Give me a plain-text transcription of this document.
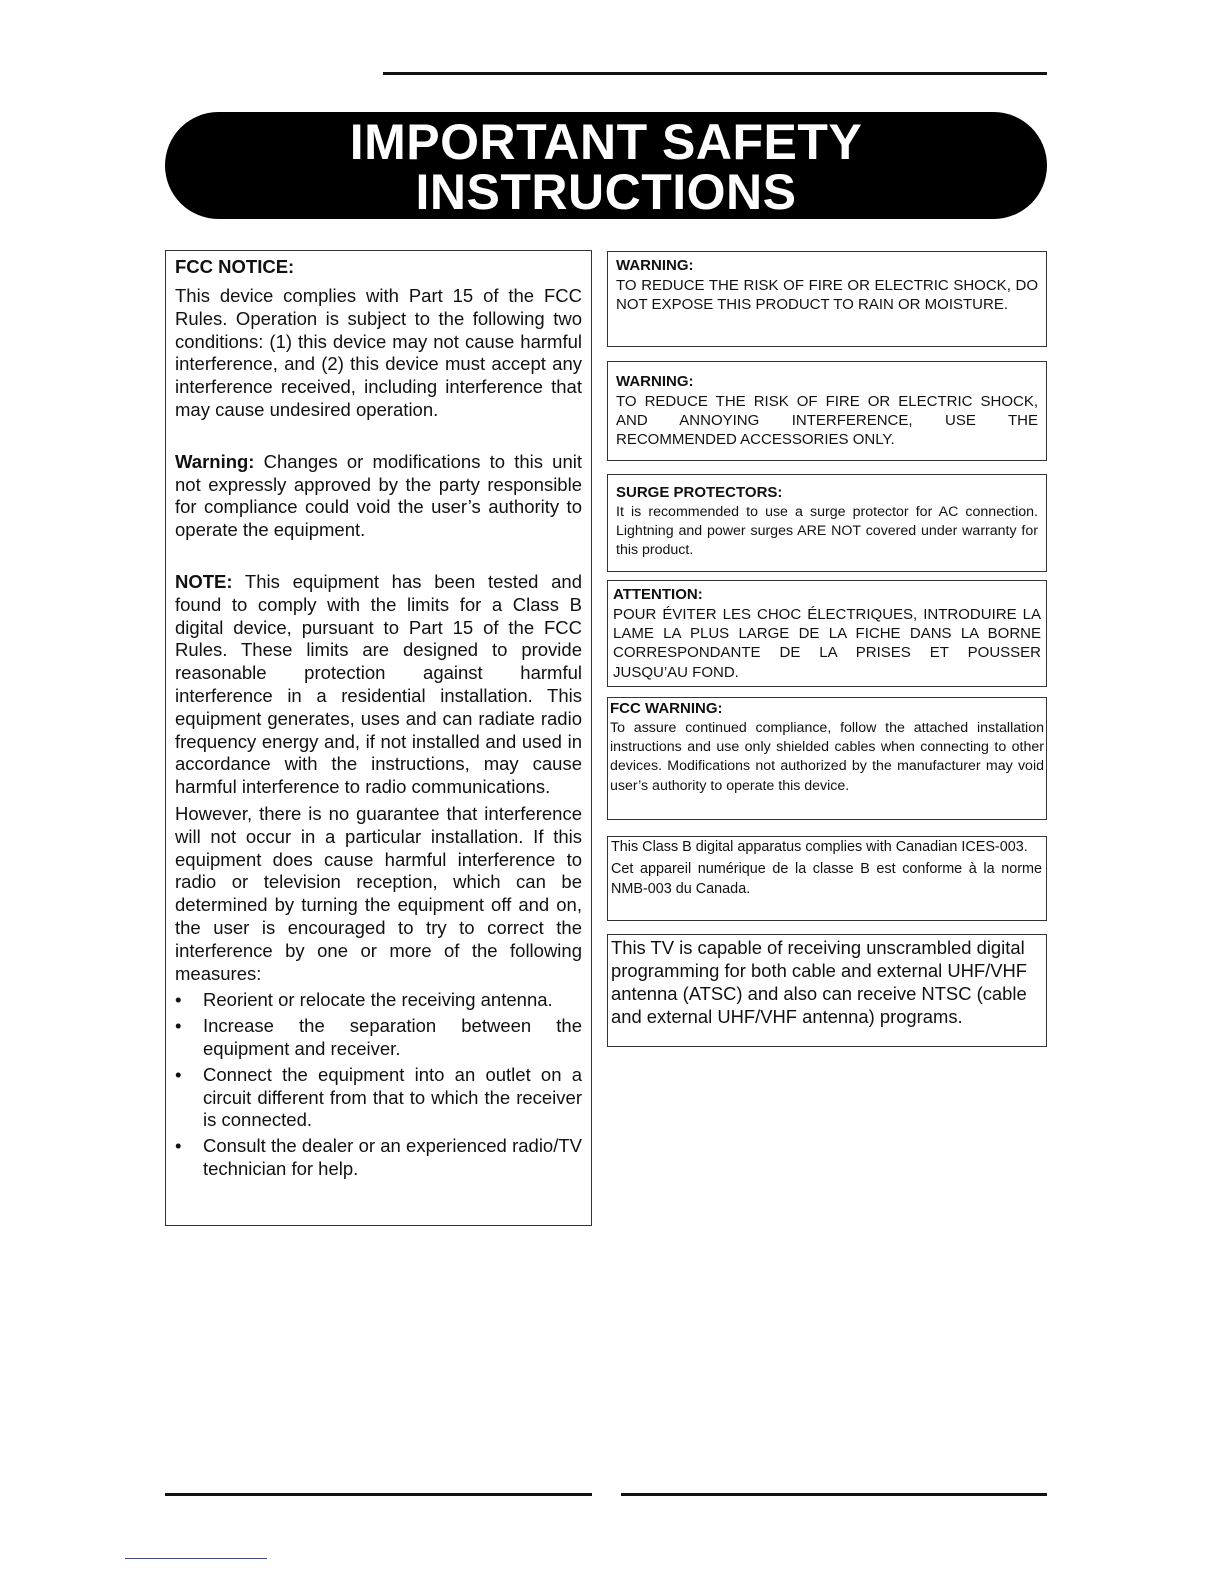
IMPORTANT SAFETY
INSTRUCTIONS
FCC NOTICE:

This device complies with Part 15 of the FCC Rules. Operation is subject to the following two conditions: (1) this device may not cause harmful interference, and (2) this device must accept any interference received, including interference that may cause undesired operation.

Warning: Changes or modifications to this unit not expressly approved by the party responsible for compliance could void the user’s authority to operate the equipment.

NOTE: This equipment has been tested and found to comply with the limits for a Class B digital device, pursuant to Part 15 of the FCC Rules. These limits are designed to provide reasonable protection against harmful interference in a residential installation. This equipment generates, uses and can radiate radio frequency energy and, if not installed and used in accordance with the instructions, may cause harmful interference to radio communications.

However, there is no guarantee that interference will not occur in a particular installation. If this equipment does cause harmful interference to radio or television reception, which can be determined by turning the equipment off and on, the user is encouraged to try to correct the interference by one or more of the following measures:

• Reorient or relocate the receiving antenna.
• Increase the separation between the equipment and receiver.
• Connect the equipment into an outlet on a circuit different from that to which the receiver is connected.
• Consult the dealer or an experienced radio/TV technician for help.
WARNING:

TO REDUCE THE RISK OF FIRE OR ELECTRIC SHOCK, DO NOT EXPOSE THIS PRODUCT TO RAIN OR MOISTURE.

WARNING:

TO REDUCE THE RISK OF FIRE OR ELECTRIC SHOCK, AND ANNOYING INTERFERENCE, USE THE RECOMMENDED ACCESSORIES ONLY.

SURGE PROTECTORS:

It is recommended to use a surge protector for AC connection. Lightning and power surges ARE NOT covered under warranty for this product.

ATTENTION:

POUR ÉVITER LES CHOC ÉLECTRIQUES, INTRODUIRE LA LAME LA PLUS LARGE DE LA FICHE DANS LA BORNE CORRESPONDANTE DE LA PRISES ET POUSSER JUSQU’AU FOND.

FCC WARNING:

To assure continued compliance, follow the attached installation instructions and use only shielded cables when connecting to other devices. Modifications not authorized by the manufacturer may void user’s authority to operate this device.

This Class B digital apparatus complies with Canadian ICES-003.

Cet appareil numérique de la classe B est conforme à la norme NMB-003 du Canada.

This TV is capable of receiving unscrambled digital programming for both cable and external UHF/VHF antenna (ATSC) and also can receive NTSC (cable and external UHF/VHF antenna) programs.
